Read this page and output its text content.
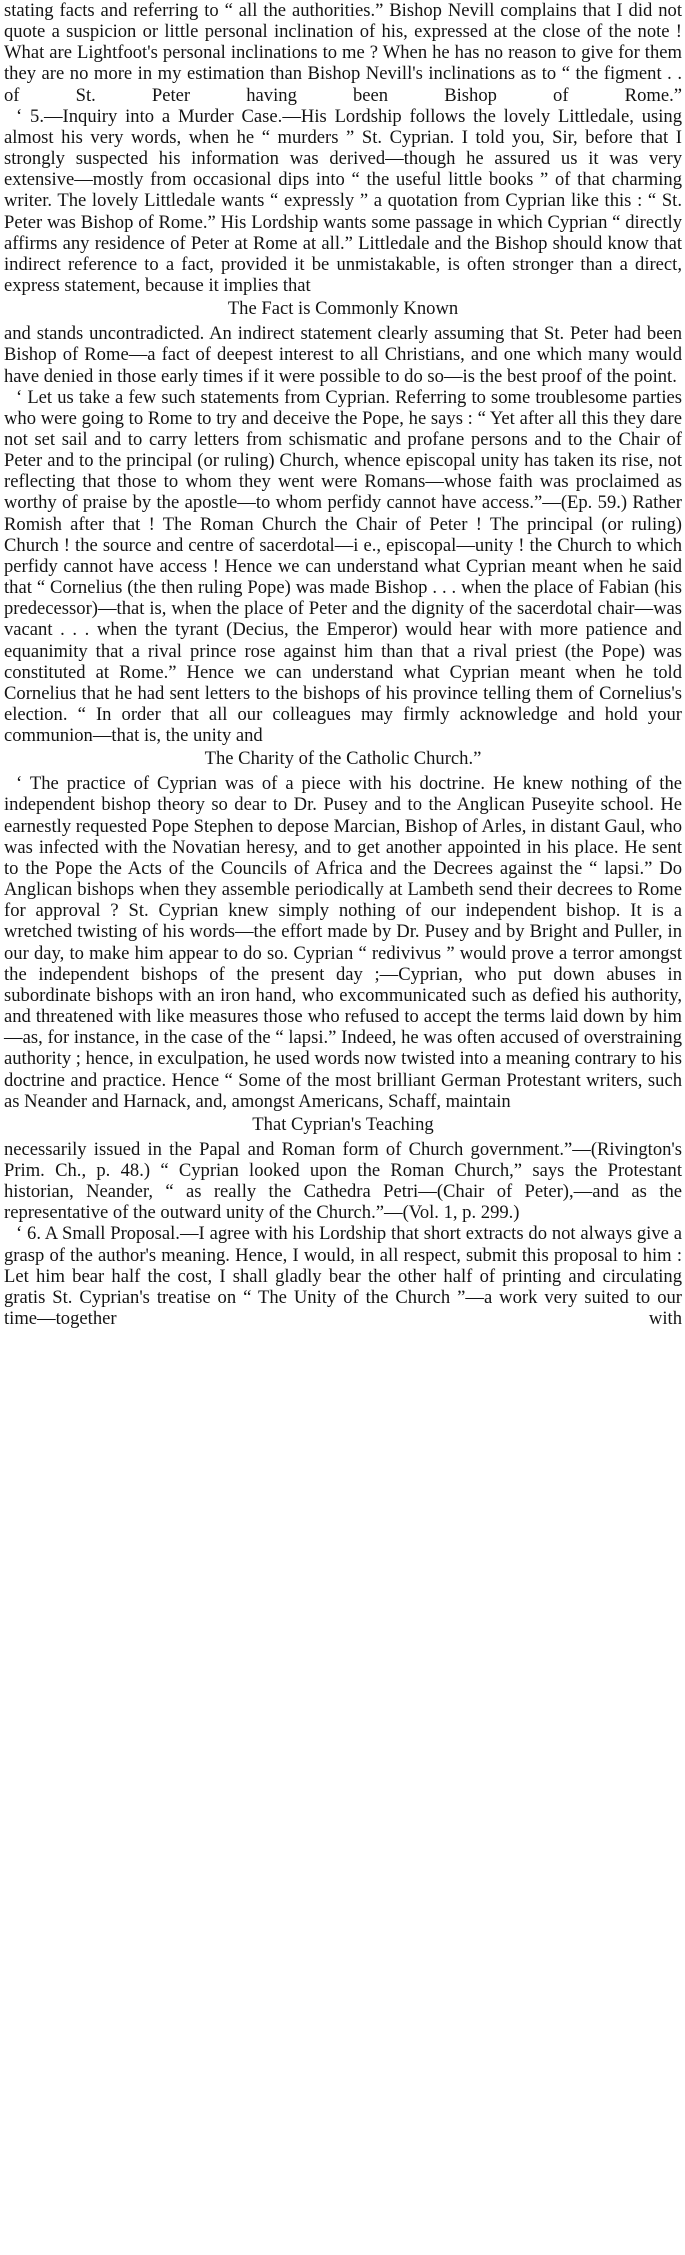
stating facts and referring to “ all the authorities.” Bishop Nevill complains that I did not quote a suspicion or little personal inclination of his, expressed at the close of the note ! What are Lightfoot's personal inclinations to me ? When he has no reason to give for them they are no more in my estimation than Bishop Nevill's inclinations as to “ the figment . . of St. Peter having been Bishop of Rome.”

‘ 5.—Inquiry into a Murder Case.—His Lordship follows the lovely Littledale, using almost his very words, when he “ murders ” St. Cyprian. I told you, Sir, before that I strongly suspected his information was derived—though he assured us it was very extensive—mostly from occasional dips into “ the useful little books ” of that charming writer. The lovely Littledale wants “ expressly ” a quotation from Cyprian like this : “ St. Peter was Bishop of Rome.” His Lordship wants some passage in which Cyprian “ directly affirms any residence of Peter at Rome at all.” Littledale and the Bishop should know that indirect reference to a fact, provided it be unmistakable, is often stronger than a direct, express statement, because it implies that

The Fact is Commonly Known

and stands uncontradicted. An indirect statement clearly assuming that St. Peter had been Bishop of Rome—a fact of deepest interest to all Christians, and one which many would have denied in those early times if it were possible to do so—is the best proof of the point.

‘ Let us take a few such statements from Cyprian. Referring to some troublesome parties who were going to Rome to try and deceive the Pope, he says : “ Yet after all this they dare not set sail and to carry letters from schismatic and profane persons and to the Chair of Peter and to the principal (or ruling) Church, whence episcopal unity has taken its rise, not reflecting that those to whom they went were Romans—whose faith was proclaimed as worthy of praise by the apostle—to whom perfidy cannot have access.”—(Ep. 59.) Rather Romish after that ! The Roman Church the Chair of Peter ! The principal (or ruling) Church ! the source and centre of sacerdotal—i e., episcopal—unity ! the Church to which perfidy cannot have access ! Hence we can understand what Cyprian meant when he said that “ Cornelius (the then ruling Pope) was made Bishop . . . when the place of Fabian (his predecessor)—that is, when the place of Peter and the dignity of the sacerdotal chair—was vacant . . . when the tyrant (Decius, the Emperor) would hear with more patience and equanimity that a rival prince rose against him than that a rival priest (the Pope) was constituted at Rome.” Hence we can understand what Cyprian meant when he told Cornelius that he had sent letters to the bishops of his province telling them of Cornelius's election. “ In order that all our colleagues may firmly acknowledge and hold your communion—that is, the unity and

The Charity of the Catholic Church.”

‘ The practice of Cyprian was of a piece with his doctrine. He knew nothing of the independent bishop theory so dear to Dr. Pusey and to the Anglican Puseyite school. He earnestly requested Pope Stephen to depose Marcian, Bishop of Arles, in distant Gaul, who was infected with the Novatian heresy, and to get another appointed in his place. He sent to the Pope the Acts of the Councils of Africa and the Decrees against the “ lapsi.” Do Anglican bishops when they assemble periodically at Lambeth send their decrees to Rome for approval ? St. Cyprian knew simply nothing of our independent bishop. It is a wretched twisting of his words—the effort made by Dr. Pusey and by Bright and Puller, in our day, to make him appear to do so. Cyprian “ redivivus ” would prove a terror amongst the independent bishops of the present day ;—Cyprian, who put down abuses in subordinate bishops with an iron hand, who excommunicated such as defied his authority, and threatened with like measures those who refused to accept the terms laid down by him—as, for instance, in the case of the “ lapsi.” Indeed, he was often accused of overstraining authority ; hence, in exculpation, he used words now twisted into a meaning contrary to his doctrine and practice. Hence “ Some of the most brilliant German Protestant writers, such as Neander and Harnack, and, amongst Americans, Schaff, maintain

That Cyprian's Teaching

necessarily issued in the Papal and Roman form of Church government.”—(Rivington's Prim. Ch., p. 48.) “ Cyprian looked upon the Roman Church,” says the Protestant historian, Neander, “ as really the Cathedra Petri—(Chair of Peter),—and as the representative of the outward unity of the Church.”—(Vol. 1, p. 299.)

‘ 6. A Small Proposal.—I agree with his Lordship that short extracts do not always give a grasp of the author's meaning. Hence, I would, in all respect, submit this proposal to him : Let him bear half the cost, I shall gladly bear the other half of printing and circulating gratis St. Cyprian's treatise on “ The Unity of the Church ”—a work very suited to our time—together with
